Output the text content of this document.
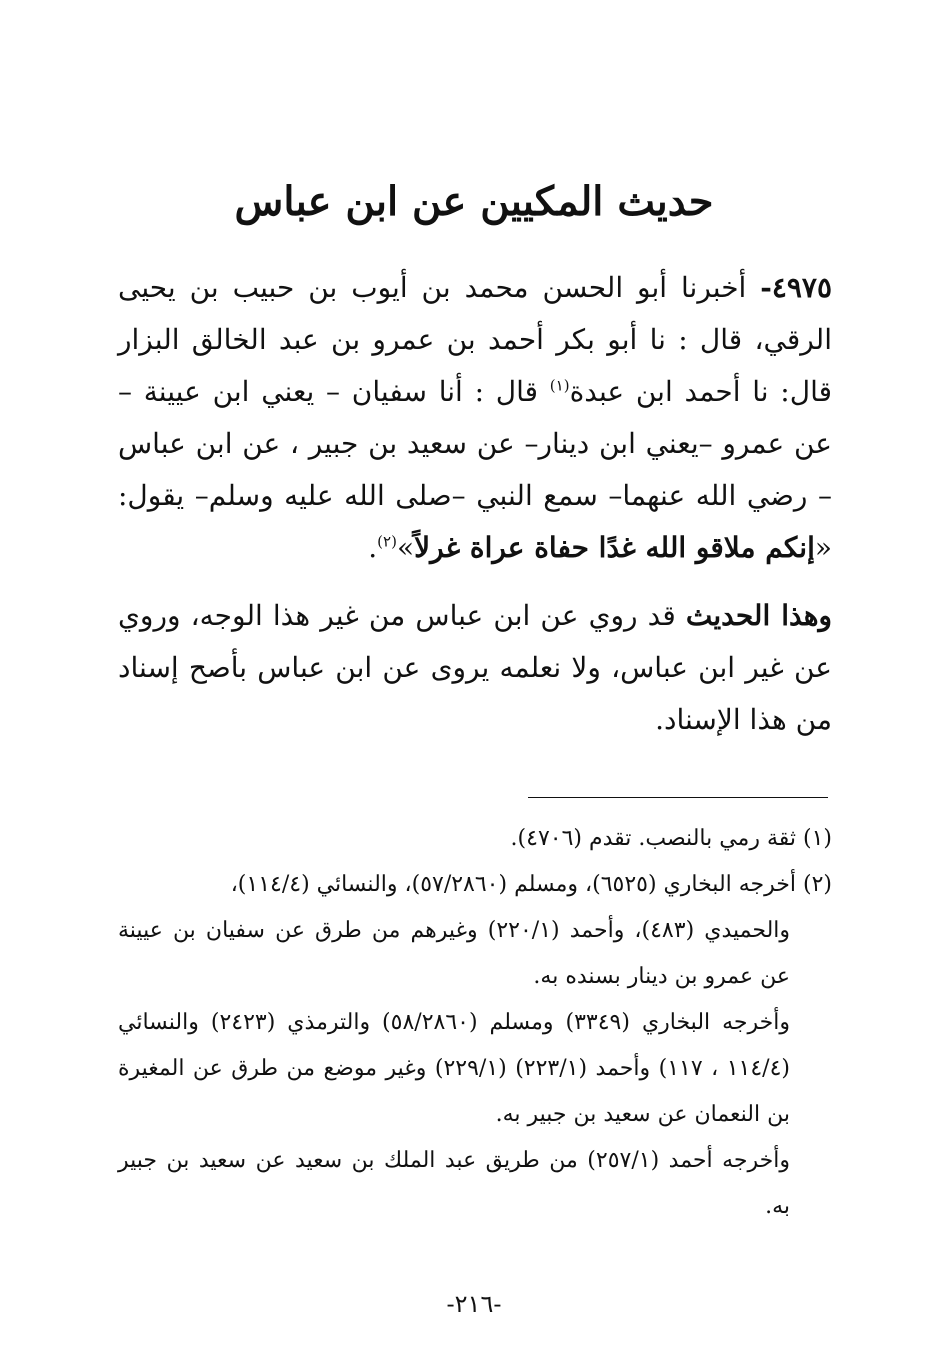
حديث المكيين عن ابن عباس

٤٩٧٥- أخبرنا أبو الحسن محمد بن أيوب بن حبيب بن يحيى الرقي، قال : نا أبو بكر أحمد بن عمرو بن عبد الخالق البزار قال: نا أحمد ابن عبدة$^{(١)}$ قال : أنا سفيان – يعني ابن عيينة – عن عمرو –يعني ابن دينار– عن سعيد بن جبير ، عن ابن عباس – رضي الله عنهما– سمع النبي –صلى الله عليه وسلم– يقول: «إنكم ملاقو الله غدًا حفاة عراة غرلاً»$^{(٢)}$.

وهذا الحديث قد روي عن ابن عباس من غير هذا الوجه، وروي عن غير ابن عباس، ولا نعلمه يروى عن ابن عباس بأصح إسناد من هذا الإسناد.

(١) ثقة رمي بالنصب. تقدم (٤٧٠٦).

(٢) أخرجه البخاري (٦٥٢٥)، ومسلم (٥٧/٢٨٦٠)، والنسائي (١١٤/٤)،

والحميدي (٤٨٣)، وأحمد (٢٢٠/١) وغيرهم من طرق عن سفيان بن عيينة عن عمرو بن دينار بسنده به.

وأخرجه البخاري (٣٣٤٩) ومسلم (٥٨/٢٨٦٠) والترمذي (٢٤٢٣) والنسائي (١١٤/٤ ، ١١٧) وأحمد (٢٢٣/١) (٢٢٩/١) وغير موضع من طرق عن المغيرة بن النعمان عن سعيد بن جبير به.

وأخرجه أحمد (٢٥٧/١) من طريق عبد الملك بن سعيد عن سعيد بن جبير به.

-٢١٦-
